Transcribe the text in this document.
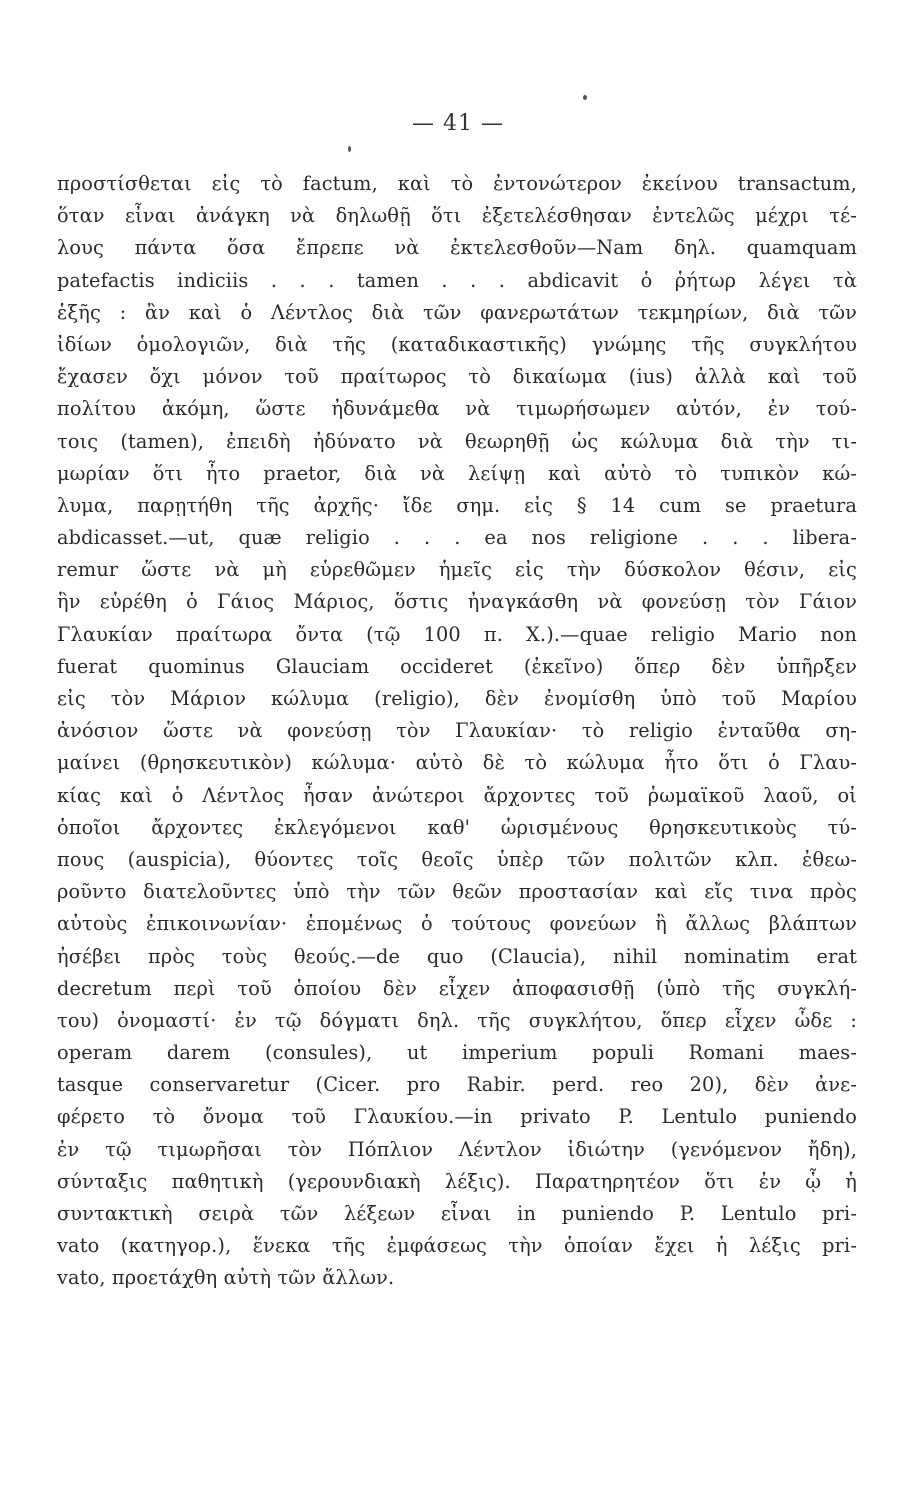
— 41 —
προστίσθεται εἰς τὸ factum, καὶ τὸ ἐντονώτερον ἐκείνου transactum,
ὅταν εἶναι ἀνάγκη νὰ δηλωθῇ ὅτι ἐξετελέσθησαν ἐντελῶς μέχρι τέ-
λους πάντα ὅσα ἔπρεπε νὰ ἐκτελεσθοῦν—Nam δηλ. quamquam
patefactis indiciis . . . tamen . . . abdicavit ὁ ῥήτωρ λέγει τὰ
ἑξῆς : ἂν καὶ ὁ Λέντλος διὰ τῶν φανερωτάτων τεκμηρίων, διὰ τῶν
ἰδίων ὁμολογιῶν, διὰ τῆς (καταδικαστικῆς) γνώμης τῆς συγκλήτου
ἔχασεν ὄχι μόνον τοῦ πραίτωρος τὸ δικαίωμα (ius) ἀλλὰ καὶ τοῦ
πολίτου ἀκόμη, ὥστε ἠδυνάμεθα νὰ τιμωρήσωμεν αὐτόν, ἐν τού-
τοις (tamen), ἐπειδὴ ἠδύνατο νὰ θεωρηθῇ ὡς κώλυμα διὰ τὴν τι-
μωρίαν ὅτι ἦτο praetor, διὰ νὰ λείψῃ καὶ αὐτὸ τὸ τυπικὸν κώ-
λυμα, παρῃτήθη τῆς ἀρχῆς· ἴδε σημ. εἰς § 14 cum se praetura
abdicasset.—ut, quæ religio . . . ea nos religione . . . libera-
remur ὥστε νὰ μὴ εὑρεθῶμεν ἡμεῖς εἰς τὴν δύσκολον θέσιν, εἰς
ἣν εὑρέθη ὁ Γάιος Μάριος, ὅστις ἠναγκάσθη νὰ φονεύσῃ τὸν Γάιον
Γλαυκίαν πραίτωρα ὄντα (τῷ 100 π. Χ.).—quae religio Mario non
fuerat quominus Glauciam occideret (ἐκεῖνο) ὅπερ δὲν ὑπῆρξεν
εἰς τὸν Μάριον κώλυμα (religio), δὲν ἐνομίσθη ὑπὸ τοῦ Μαρίου
ἀνόσιον ὥστε νὰ φονεύσῃ τὸν Γλαυκίαν· τὸ religio ἐνταῦθα ση-
μαίνει (θρησκευτικὸν) κώλυμα· αὐτὸ δὲ τὸ κώλυμα ἦτο ὅτι ὁ Γλαυ-
κίας καὶ ὁ Λέντλος ἦσαν ἀνώτεροι ἄρχοντες τοῦ ῥωμαϊκοῦ λαοῦ, οἱ
ὁποῖοι ἄρχοντες ἐκλεγόμενοι καθ' ὡρισμένους θρησκευτικοὺς τύ-
πους (auspicia), θύοντες τοῖς θεοῖς ὑπὲρ τῶν πολιτῶν κλπ. ἐθεω-
ροῦντο διατελοῦντες ὑπὸ τὴν τῶν θεῶν προστασίαν καὶ εἴς τινα πρὸς
αὐτοὺς ἐπικοινωνίαν· ἑπομένως ὁ τούτους φονεύων ἢ ἄλλως βλάπτων
ἠσέβει πρὸς τοὺς θεούς.—de quo (Claucia), nihil nominatim erat
decretum περὶ τοῦ ὁποίου δὲν εἶχεν ἀποφασισθῇ (ὑπὸ τῆς συγκλή-
του) ὀνομαστί· ἐν τῷ δόγματι δηλ. τῆς συγκλήτου, ὅπερ εἶχεν ὧδε :
operam darem (consules), ut imperium populi Romani maes-
tasque conservaretur (Cicer. pro Rabir. perd. reo 20), δὲν ἀνε-
φέρετο τὸ ὄνομα τοῦ Γλαυκίου.—in privato P. Lentulo puniendo
ἐν τῷ τιμωρῆσαι τὸν Πόπλιον Λέντλον ἰδιώτην (γενόμενον ἤδη),
σύνταξις παθητικὴ (γερουνδιακὴ λέξις). Παρατηρητέον ὅτι ἐν ᾧ ἡ
συντακτικὴ σειρὰ τῶν λέξεων εἶναι in puniendo P. Lentulo pri-
vato (κατηγορ.), ἕνεκα τῆς ἐμφάσεως τὴν ὁποίαν ἔχει ἡ λέξις pri-
vato, προετάχθη αὐτὴ τῶν ἄλλων.
